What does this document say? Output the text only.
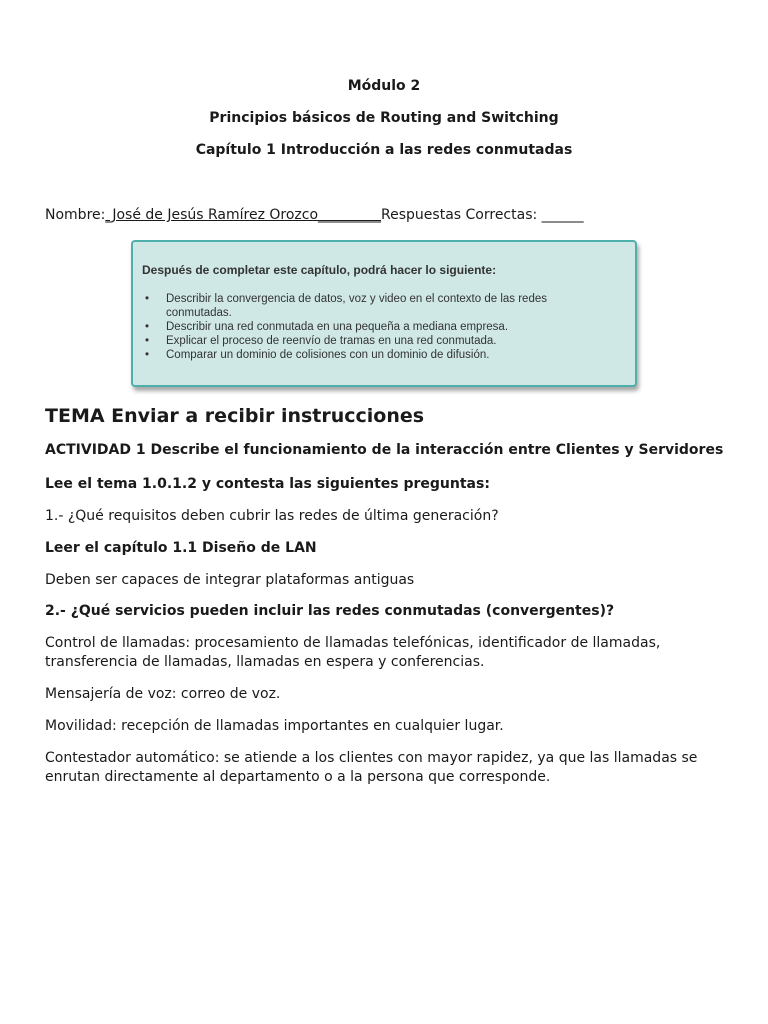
Módulo 2
Principios básicos de Routing and Switching
Capítulo 1 Introducción a las redes conmutadas
Nombre:_José de Jesús Ramírez Orozco_________Respuestas Correctas: ______
Después de completar este capítulo, podrá hacer lo siguiente:
• Describir la convergencia de datos, voz y video en el contexto de las redes conmutadas.
• Describir una red conmutada en una pequeña a mediana empresa.
• Explicar el proceso de reenvío de tramas en una red conmutada.
• Comparar un dominio de colisiones con un dominio de difusión.
TEMA Enviar a recibir instrucciones

ACTIVIDAD 1 Describe el funcionamiento de la interacción entre Clientes y Servidores

Lee el tema 1.0.1.2 y contesta las siguientes preguntas:

1.- ¿Qué requisitos deben cubrir las redes de última generación?

Leer el capítulo 1.1 Diseño de LAN

Deben ser capaces de integrar plataformas antiguas

2.- ¿Qué servicios pueden incluir las redes conmutadas (convergentes)?

Control de llamadas: procesamiento de llamadas telefónicas, identificador de llamadas, transferencia de llamadas, llamadas en espera y conferencias.

Mensajería de voz: correo de voz.

Movilidad: recepción de llamadas importantes en cualquier lugar.

Contestador automático: se atiende a los clientes con mayor rapidez, ya que las llamadas se enrutan directamente al departamento o a la persona que corresponde.
